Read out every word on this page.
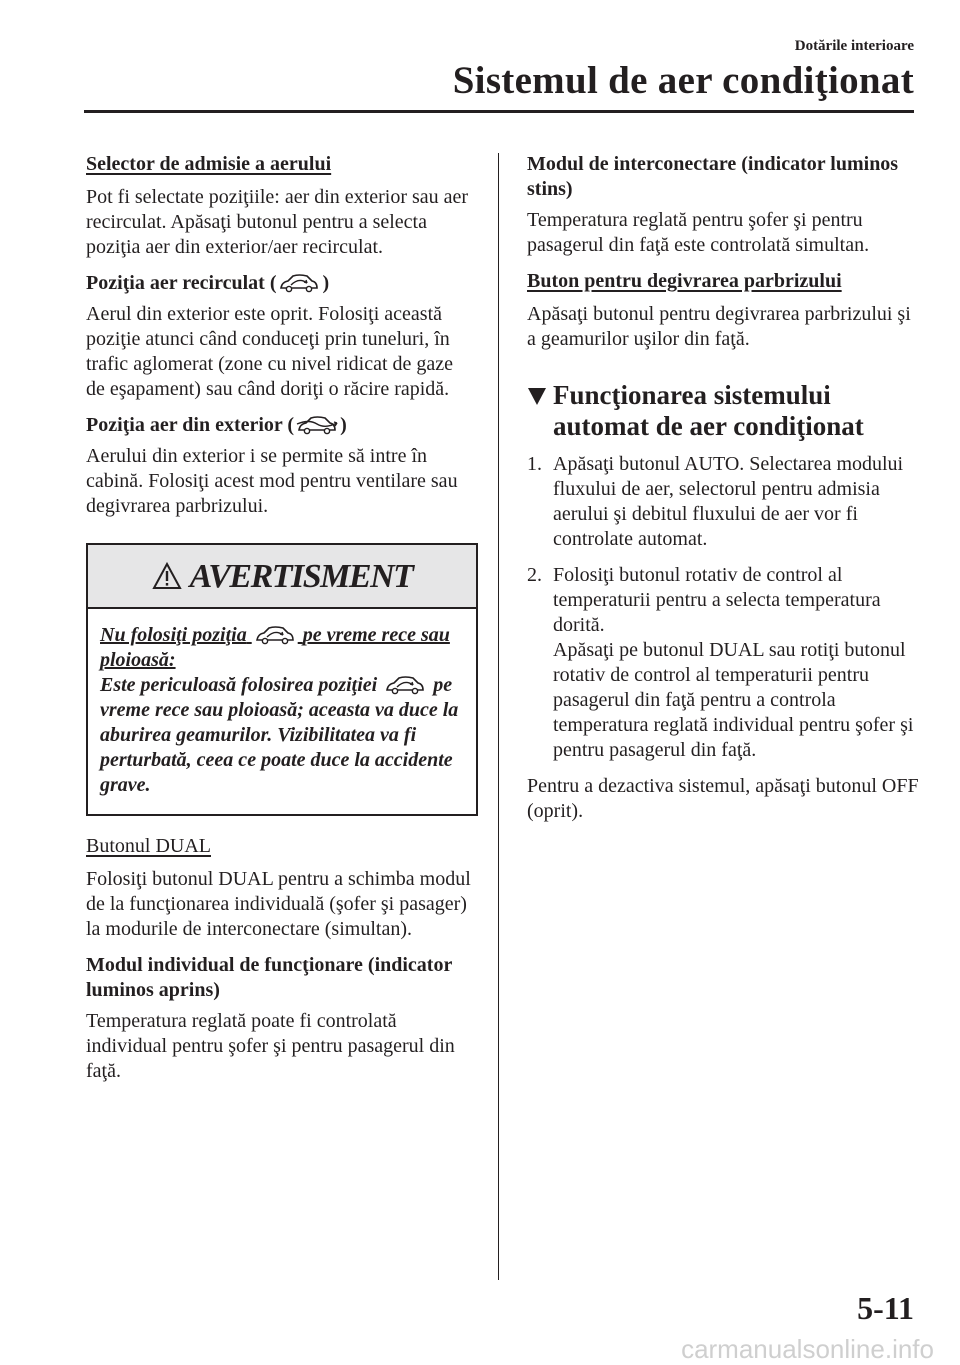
Dotările interioare
Sistemul de aer condiţionat

Selector de admisie a aerului

Pot fi selectate poziţiile: aer din exterior sau aer recirculat. Apăsaţi butonul pentru a selecta poziţia aer din exterior/aer recirculat.

Poziţia aer recirculat ( )

Aerul din exterior este oprit. Folosiţi această poziţie atunci când conduceţi prin tuneluri, în trafic aglomerat (zone cu nivel ridicat de gaze de eşapament) sau când doriţi o răcire rapidă.

Poziţia aer din exterior ( )

Aerului din exterior i se permite să intre în cabină. Folosiţi acest mod pentru ventilare sau degivrarea parbrizului.

AVERTISMENT
Nu folosiţi poziţia	pe vreme rece sau ploioasă:
Este periculoasă folosirea poziţiei	pe vreme rece sau ploioasă; aceasta va duce la aburirea geamurilor. Vizibilitatea va fi perturbată, ceea ce poate duce la accidente grave.

Butonul DUAL

Folosiţi butonul DUAL pentru a schimba modul de la funcţionarea individuală (şofer şi pasager) la modurile de interconectare (simultan).

Modul individual de funcţionare (indicator luminos aprins)

Temperatura reglată poate fi controlată individual pentru şofer şi pentru pasagerul din faţă.

Modul de interconectare (indicator luminos stins)

Temperatura reglată pentru şofer şi pentru pasagerul din faţă este controlată simultan.

Buton pentru degivrarea parbrizului

Apăsaţi butonul pentru degivrarea parbrizului şi a geamurilor uşilor din faţă.

Funcţionarea sistemului automat de aer condiţionat
1. Apăsaţi butonul AUTO. Selectarea modului fluxului de aer, selectorul pentru admisia aerului şi debitul fluxului de aer vor fi controlate automat.
2. Folosiţi butonul rotativ de control al temperaturii pentru a selecta temperatura dorită.
Apăsaţi pe butonul DUAL sau rotiţi butonul rotativ de control al temperaturii pentru pasagerul din faţă pentru a controla temperatura reglată individual pentru şofer şi pentru pasagerul din faţă.

Pentru a dezactiva sistemul, apăsaţi butonul OFF (oprit).

5-11
carmanualsonline.info
